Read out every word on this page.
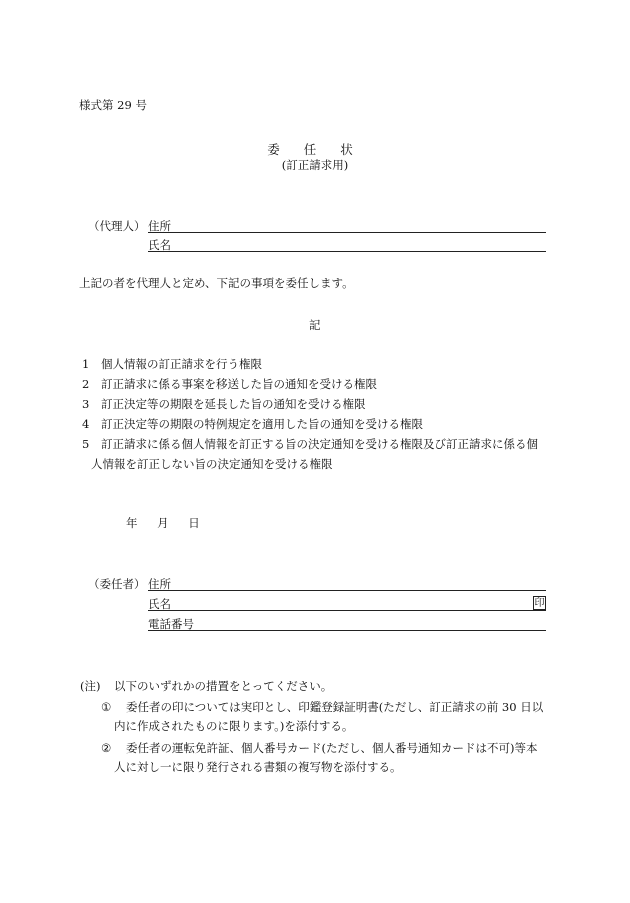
様式第 29 号
委 任 状
(訂正請求用)
（代理人） 住所
氏名
上記の者を代理人と定め、下記の事項を委任します。
記
1 個人情報の訂正請求を行う権限
2 訂正請求に係る事案を移送した旨の通知を受ける権限
3 訂正決定等の期限を延長した旨の通知を受ける権限
4 訂正決定等の期限の特例規定を適用した旨の通知を受ける権限
5 訂正請求に係る個人情報を訂正する旨の決定通知を受ける権限及び訂正請求に係る個
人情報を訂正しない旨の決定通知を受ける権限
年 月 日
（委任者） 住所
氏名	印
電話番号
(注) 以下のいずれかの措置をとってください。
① 委任者の印については実印とし、印鑑登録証明書(ただし、訂正請求の前 30 日以
内に作成されたものに限ります。)を添付する。
② 委任者の運転免許証、個人番号カード(ただし、個人番号通知カードは不可)等本
人に対し一に限り発行される書類の複写物を添付する。
